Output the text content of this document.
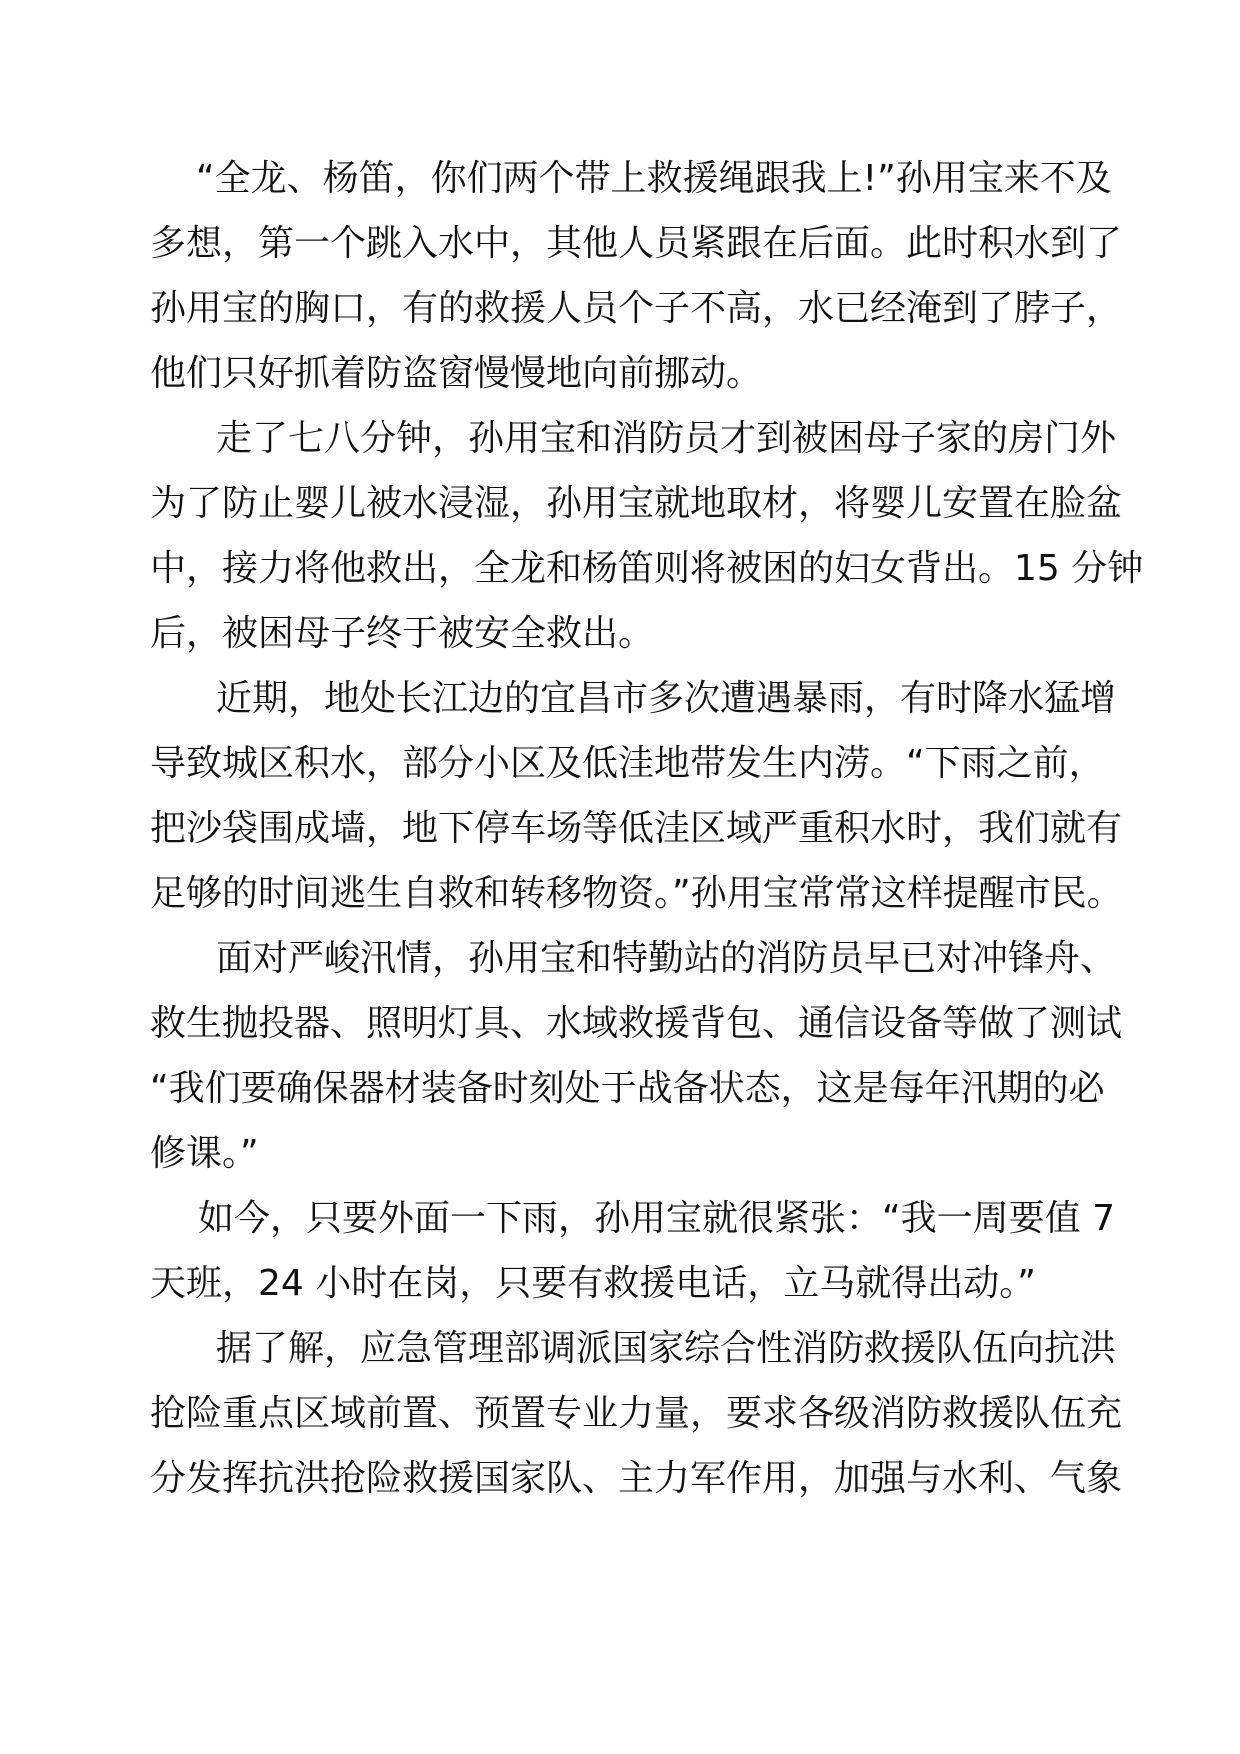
“全龙、杨笛，你们两个带上救援绳跟我上!”孙用宝来不及

多想，第一个跳入水中，其他人员紧跟在后面。此时积水到了

孙用宝的胸口，有的救援人员个子不高，水已经淹到了脖子，

他们只好抓着防盗窗慢慢地向前挪动。

走了七八分钟，孙用宝和消防员才到被困母子家的房门外

为了防止婴儿被水浸湿，孙用宝就地取材，将婴儿安置在脸盆

中，接力将他救出，全龙和杨笛则将被困的妇女背出。15 分钟

后，被困母子终于被安全救出。

近期，地处长江边的宜昌市多次遭遇暴雨，有时降水猛增

导致城区积水，部分小区及低洼地带发生内涝。“下雨之前，

把沙袋围成墙，地下停车场等低洼区域严重积水时，我们就有

足够的时间逃生自救和转移物资。”孙用宝常常这样提醒市民。

面对严峻汛情，孙用宝和特勤站的消防员早已对冲锋舟、

救生抛投器、照明灯具、水域救援背包、通信设备等做了测试

“我们要确保器材装备时刻处于战备状态，这是每年汛期的必

修课。”

如今，只要外面一下雨，孙用宝就很紧张：“我一周要值 7

天班，24 小时在岗，只要有救援电话，立马就得出动。”

据了解，应急管理部调派国家综合性消防救援队伍向抗洪

抢险重点区域前置、预置专业力量，要求各级消防救援队伍充

分发挥抗洪抢险救援国家队、主力军作用，加强与水利、气象
